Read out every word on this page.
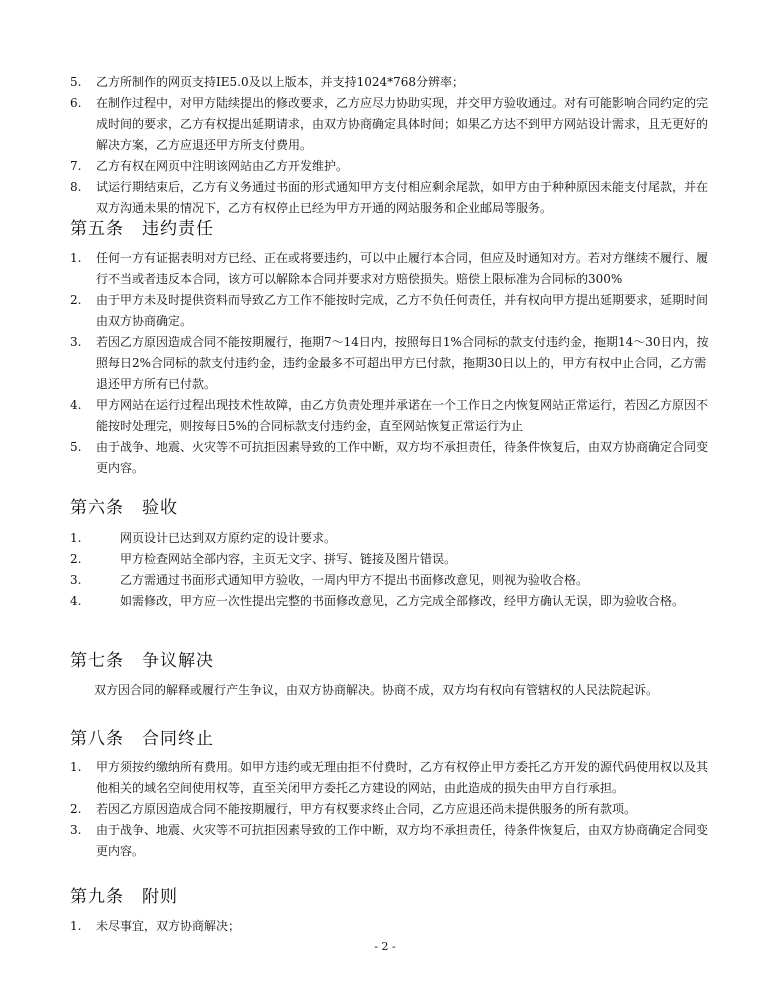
5. 乙方所制作的网页支持IE5.0及以上版本，并支持1024*768分辨率；
6. 在制作过程中，对甲方陆续提出的修改要求，乙方应尽力协助实现，并交甲方验收通过。对有可能影响合同约定的完成时间的要求，乙方有权提出延期请求，由双方协商确定具体时间；如果乙方达不到甲方网站设计需求，且无更好的解决方案，乙方应退还甲方所支付费用。
7. 乙方有权在网页中注明该网站由乙方开发维护。
8. 试运行期结束后，乙方有义务通过书面的形式通知甲方支付相应剩余尾款，如甲方由于种种原因未能支付尾款，并在双方沟通未果的情况下，乙方有权停止已经为甲方开通的网站服务和企业邮局等服务。
第五条　违约责任
1. 任何一方有证据表明对方已经、正在或将要违约，可以中止履行本合同，但应及时通知对方。若对方继续不履行、履行不当或者违反本合同，该方可以解除本合同并要求对方赔偿损失。赔偿上限标准为合同标的300%
2. 由于甲方未及时提供资料而导致乙方工作不能按时完成，乙方不负任何责任，并有权向甲方提出延期要求，延期时间由双方协商确定。
3. 若因乙方原因造成合同不能按期履行，拖期7～14日内，按照每日1%合同标的款支付违约金，拖期14～30日内，按照每日2%合同标的款支付违约金，违约金最多不可超出甲方已付款，拖期30日以上的，甲方有权中止合同，乙方需退还甲方所有已付款。
4. 甲方网站在运行过程出现技术性故障，由乙方负责处理并承诺在一个工作日之内恢复网站正常运行，若因乙方原因不能按时处理完，则按每日5%的合同标款支付违约金，直至网站恢复正常运行为止
5. 由于战争、地震、火灾等不可抗拒因素导致的工作中断，双方均不承担责任，待条件恢复后，由双方协商确定合同变更内容。
第六条　验收
1.	网页设计已达到双方原约定的设计要求。
2.	甲方检查网站全部内容，主页无文字、拼写、链接及图片错误。
3.	乙方需通过书面形式通知甲方验收，一周内甲方不提出书面修改意见，则视为验收合格。
4.	如需修改，甲方应一次性提出完整的书面修改意见，乙方完成全部修改，经甲方确认无误，即为验收合格。
第七条　争议解决

双方因合同的解释或履行产生争议，由双方协商解决。协商不成，双方均有权向有管辖权的人民法院起诉。

第八条　合同终止
1. 甲方须按约缴纳所有费用。如甲方违约或无理由拒不付费时，乙方有权停止甲方委托乙方开发的源代码使用权以及其他相关的域名空间使用权等，直至关闭甲方委托乙方建设的网站，由此造成的损失由甲方自行承担。
2. 若因乙方原因造成合同不能按期履行，甲方有权要求终止合同，乙方应退还尚未提供服务的所有款项。
3. 由于战争、地震、火灾等不可抗拒因素导致的工作中断，双方均不承担责任，待条件恢复后，由双方协商确定合同变更内容。
第九条　附则
1. 未尽事宜，双方协商解决；
- 2 -
